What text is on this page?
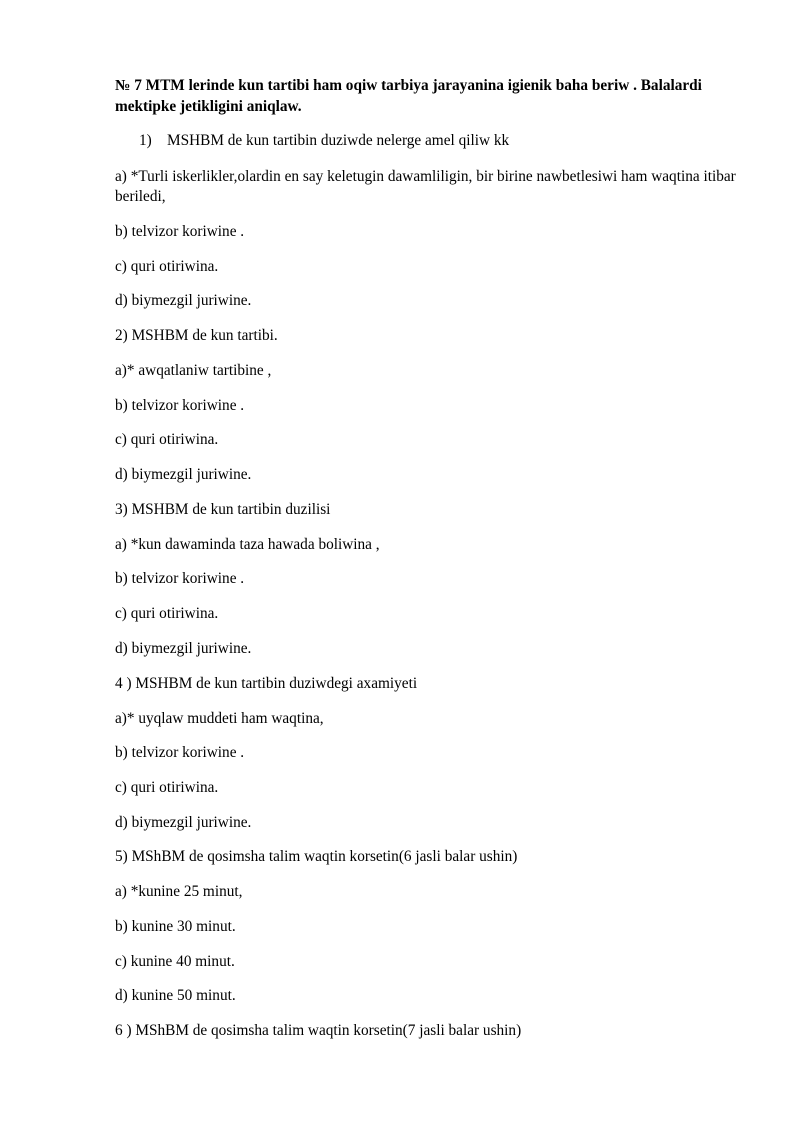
№ 7 MTM lerinde kun tartibi ham oqiw tarbiya jarayanina igienik baha beriw . Balalardi mektipke jetikligini aniqlaw.
1) MSHBM de kun tartibin duziwde nelerge amel qiliw kk
a) *Turli iskerlikler,olardin en say keletugin dawamliligin, bir birine nawbetlesiwi ham waqtina itibar beriledi,
b) telvizor koriwine .
c) quri otiriwina.
d) biymezgil juriwine.
2) MSHBM de kun tartibi.
a)* awqatlaniw tartibine ,
b) telvizor koriwine .
c) quri otiriwina.
d) biymezgil juriwine.
3) MSHBM de kun tartibin duzilisi
a) *kun dawaminda taza hawada boliwina ,
b) telvizor koriwine .
c) quri otiriwina.
d) biymezgil juriwine.
4 ) MSHBM de kun tartibin duziwdegi axamiyeti
a)* uyqlaw muddeti ham waqtina,
b) telvizor koriwine .
c) quri otiriwina.
d) biymezgil juriwine.
5) MShBM de qosimsha talim waqtin korsetin(6 jasli balar ushin)
a) *kunine 25 minut,
b) kunine 30 minut.
c) kunine 40 minut.
d) kunine 50 minut.
6 ) MShBM de qosimsha talim waqtin korsetin(7 jasli balar ushin)
